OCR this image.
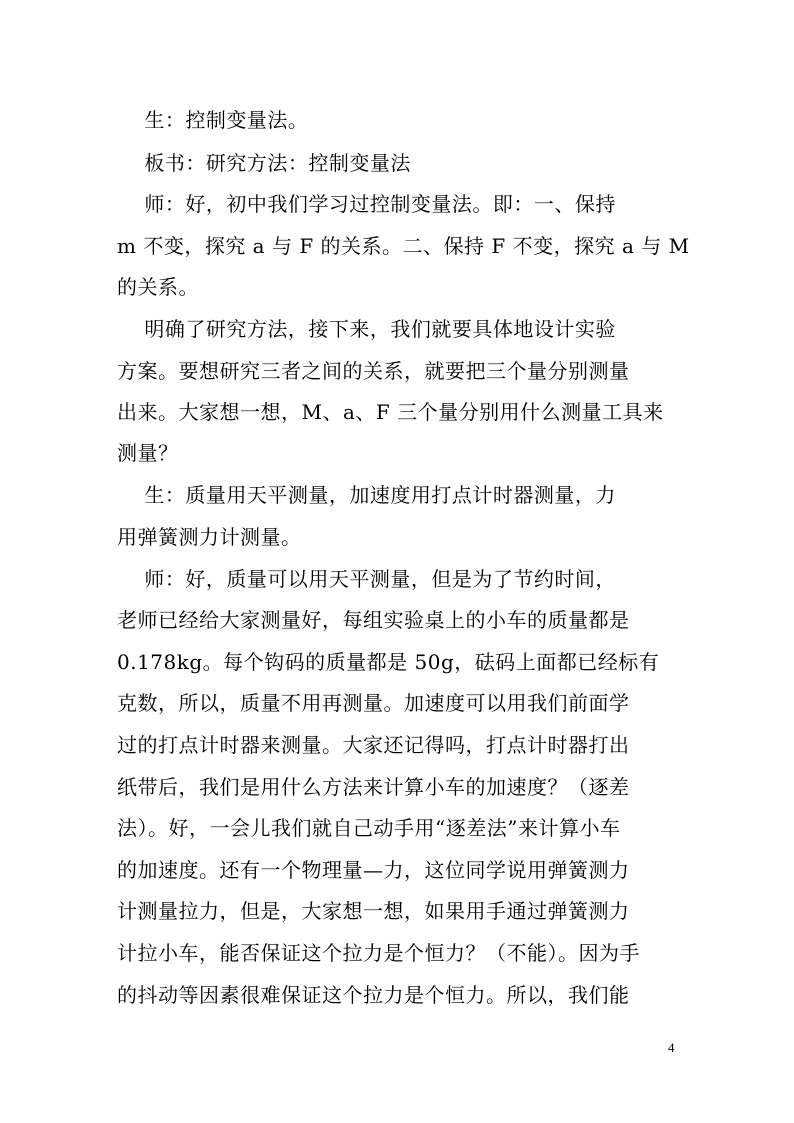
生：控制变量法。
板书：研究方法：控制变量法
师：好，初中我们学习过控制变量法。即：一、保持
m 不变，探究 a 与 F 的关系。二、保持 F 不变，探究 a 与 M
的关系。
明确了研究方法，接下来，我们就要具体地设计实验
方案。要想研究三者之间的关系，就要把三个量分别测量
出来。大家想一想，M、a、F 三个量分别用什么测量工具来
测量？
生：质量用天平测量，加速度用打点计时器测量，力
用弹簧测力计测量。
师：好，质量可以用天平测量，但是为了节约时间，
老师已经给大家测量好，每组实验桌上的小车的质量都是
0.178kg。每个钩码的质量都是 50g，砝码上面都已经标有
克数，所以，质量不用再测量。加速度可以用我们前面学
过的打点计时器来测量。大家还记得吗，打点计时器打出
纸带后，我们是用什么方法来计算小车的加速度？（逐差
法）。好，一会儿我们就自己动手用“逐差法”来计算小车
的加速度。还有一个物理量—力，这位同学说用弹簧测力
计测量拉力，但是，大家想一想，如果用手通过弹簧测力
计拉小车，能否保证这个拉力是个恒力？（不能）。因为手
的抖动等因素很难保证这个拉力是个恒力。所以，我们能
4
